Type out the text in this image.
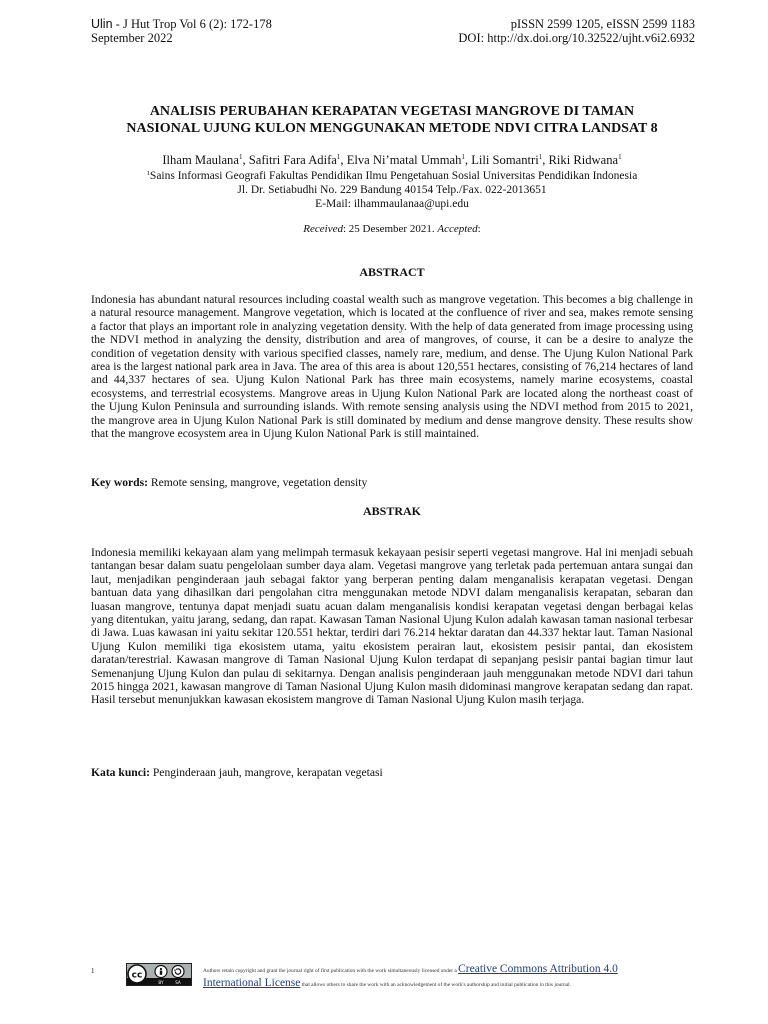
Ulin - J Hut Trop Vol 6 (2): 172-178
September 2022
pISSN 2599 1205, eISSN 2599 1183
DOI: http://dx.doi.org/10.32522/ujht.v6i2.6932
ANALISIS PERUBAHAN KERAPATAN VEGETASI MANGROVE DI TAMAN
NASIONAL UJUNG KULON MENGGUNAKAN METODE NDVI CITRA LANDSAT 8
Ilham Maulana$^1$, Safitri Fara Adifa$^1$, Elva Ni’matal Ummah$^1$, Lili Somantri$^1$, Riki Ridwana$^1$
$^1$Sains Informasi Geografi Fakultas Pendidikan Ilmu Pengetahuan Sosial Universitas Pendidikan Indonesia
Jl. Dr. Setiabudhi No. 229 Bandung 40154 Telp./Fax. 022-2013651
E-Mail: ilhammaulanaa@upi.edu
Received: 25 Desember 2021. Accepted:
ABSTRACT
Indonesia has abundant natural resources including coastal wealth such as mangrove vegetation. This becomes a big challenge in a natural resource management. Mangrove vegetation, which is located at the confluence of river and sea, makes remote sensing a factor that plays an important role in analyzing vegetation density. With the help of data generated from image processing using the NDVI method in analyzing the density, distribution and area of mangroves, of course, it can be a desire to analyze the condition of vegetation density with various specified classes, namely rare, medium, and dense. The Ujung Kulon National Park area is the largest national park area in Java. The area of this area is about 120,551 hectares, consisting of 76,214 hectares of land and 44,337 hectares of sea. Ujung Kulon National Park has three main ecosystems, namely marine ecosystems, coastal ecosystems, and terrestrial ecosystems. Mangrove areas in Ujung Kulon National Park are located along the northeast coast of the Ujung Kulon Peninsula and surrounding islands. With remote sensing analysis using the NDVI method from 2015 to 2021, the mangrove area in Ujung Kulon National Park is still dominated by medium and dense mangrove density. These results show that the mangrove ecosystem area in Ujung Kulon National Park is still maintained.
Key words: Remote sensing, mangrove, vegetation density
ABSTRAK
Indonesia memiliki kekayaan alam yang melimpah termasuk kekayaan pesisir seperti vegetasi mangrove. Hal ini menjadi sebuah tantangan besar dalam suatu pengelolaan sumber daya alam. Vegetasi mangrove yang terletak pada pertemuan antara sungai dan laut, menjadikan penginderaan jauh sebagai faktor yang berperan penting dalam menganalisis kerapatan vegetasi. Dengan bantuan data yang dihasilkan dari pengolahan citra menggunakan metode NDVI dalam menganalisis kerapatan, sebaran dan luasan mangrove, tentunya dapat menjadi suatu acuan dalam menganalisis kondisi kerapatan vegetasi dengan berbagai kelas yang ditentukan, yaitu jarang, sedang, dan rapat. Kawasan Taman Nasional Ujung Kulon adalah kawasan taman nasional terbesar di Jawa. Luas kawasan ini yaitu sekitar 120.551 hektar, terdiri dari 76.214 hektar daratan dan 44.337 hektar laut. Taman Nasional Ujung Kulon memiliki tiga ekosistem utama, yaitu ekosistem perairan laut, ekosistem pesisir pantai, dan ekosistem daratan/terestrial. Kawasan mangrove di Taman Nasional Ujung Kulon terdapat di sepanjang pesisir pantai bagian timur laut Semenanjung Ujung Kulon dan pulau di sekitarnya. Dengan analisis penginderaan jauh menggunakan metode NDVI dari tahun 2015 hingga 2021, kawasan mangrove di Taman Nasional Ujung Kulon masih didominasi mangrove kerapatan sedang dan rapat. Hasil tersebut menunjukkan kawasan ekosistem mangrove di Taman Nasional Ujung Kulon masih terjaga.
Kata kunci: Penginderaan jauh, mangrove, kerapatan vegetasi
1	cc
BY	SA
Authors retain copyright and grant the journal right of first publication with the work simultaneously licensed under a Creative Commons Attribution 4.0
International License that allows others to share the work with an acknowledgement of the work's authorship and initial publication in this journal.
